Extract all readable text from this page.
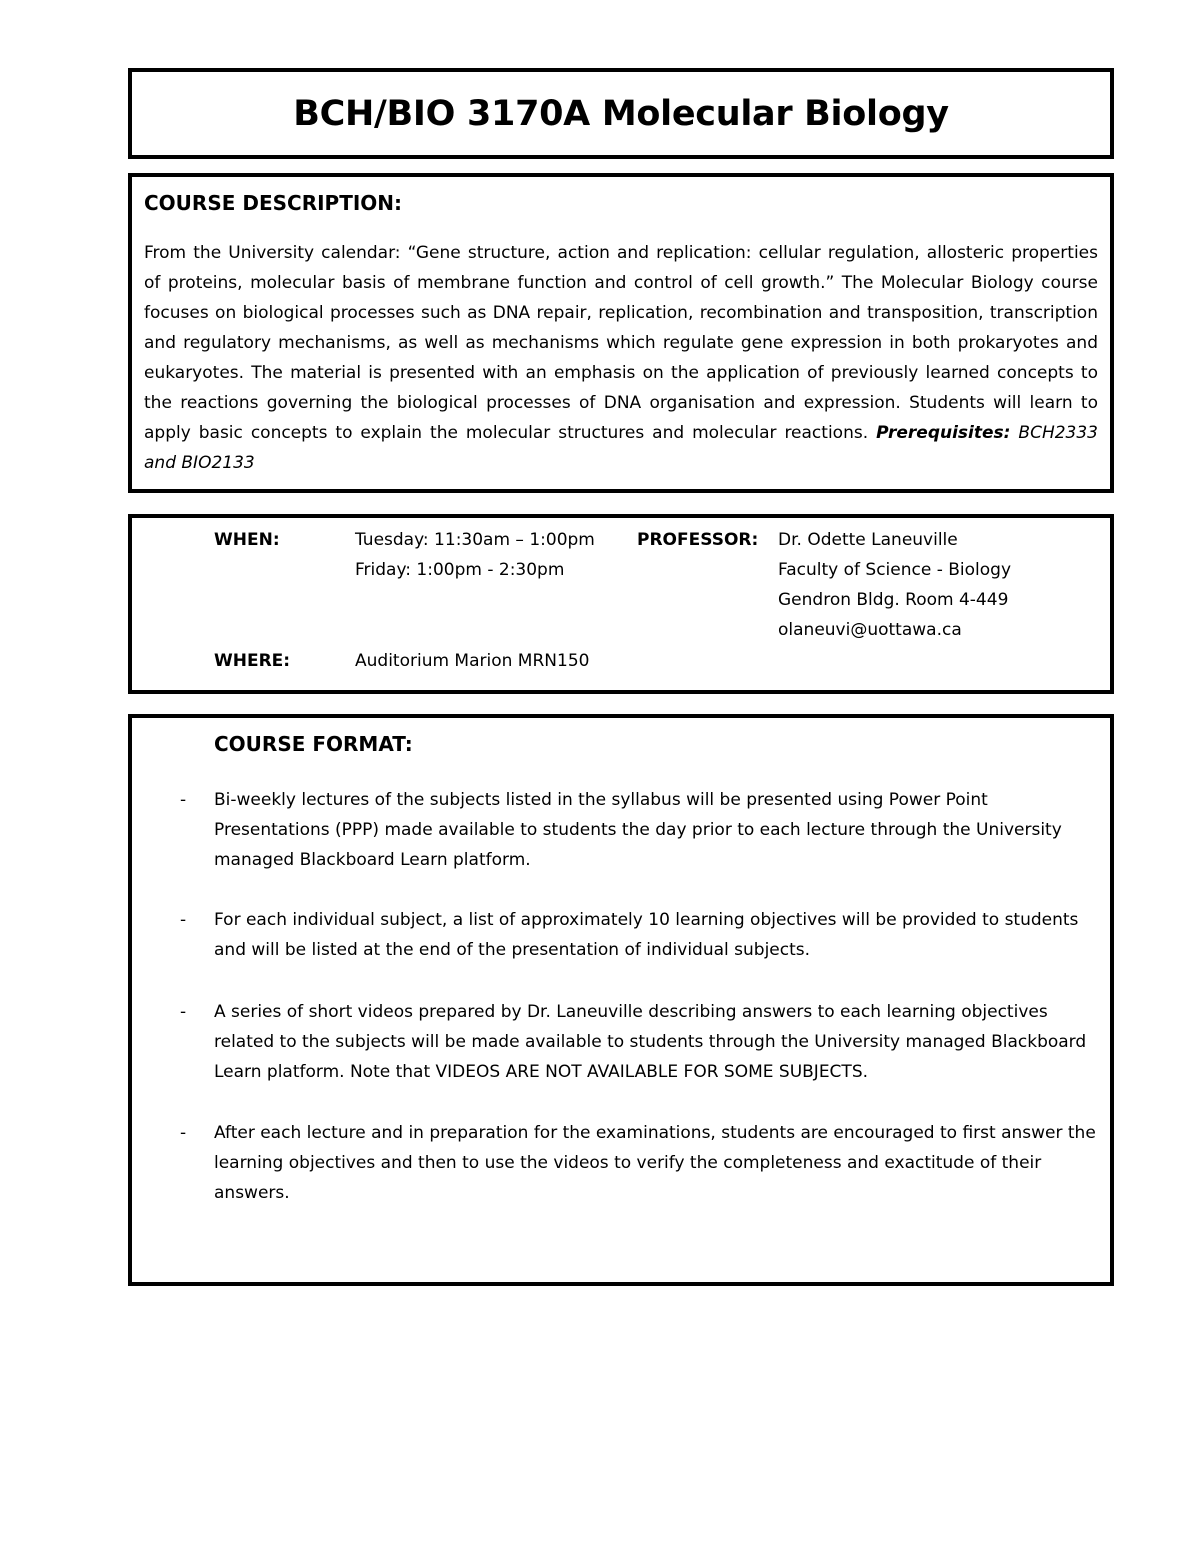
BCH/BIO 3170A Molecular Biology

COURSE DESCRIPTION:

From the University calendar: “Gene structure, action and replication: cellular regulation, allosteric properties of proteins, molecular basis of membrane function and control of cell growth.” The Molecular Biology course focuses on biological processes such as DNA repair, replication, recombination and transposition, transcription and regulatory mechanisms, as well as mechanisms which regulate gene expression in both prokaryotes and eukaryotes. The material is presented with an emphasis on the application of previously learned concepts to the reactions governing the biological processes of DNA organisation and expression. Students will learn to apply basic concepts to explain the molecular structures and molecular reactions. Prerequisites: BCH2333 and BIO2133
WHEN:	Tuesday: 11:30am – 1:00pm
Friday: 1:00pm - 2:30pm
WHERE:	Auditorium Marion MRN150
PROFESSOR: Dr. Odette Laneuville
Faculty of Science - Biology
Gendron Bldg. Room 4-449
olaneuvi@uottawa.ca
COURSE FORMAT:
- Bi-weekly lectures of the subjects listed in the syllabus will be presented using Power Point Presentations (PPP) made available to students the day prior to each lecture through the University managed Blackboard Learn platform.
- For each individual subject, a list of approximately 10 learning objectives will be provided to students and will be listed at the end of the presentation of individual subjects.
- A series of short videos prepared by Dr. Laneuville describing answers to each learning objectives related to the subjects will be made available to students through the University managed Blackboard Learn platform. Note that VIDEOS ARE NOT AVAILABLE FOR SOME SUBJECTS.
- After each lecture and in preparation for the examinations, students are encouraged to first answer the learning objectives and then to use the videos to verify the completeness and exactitude of their answers.
